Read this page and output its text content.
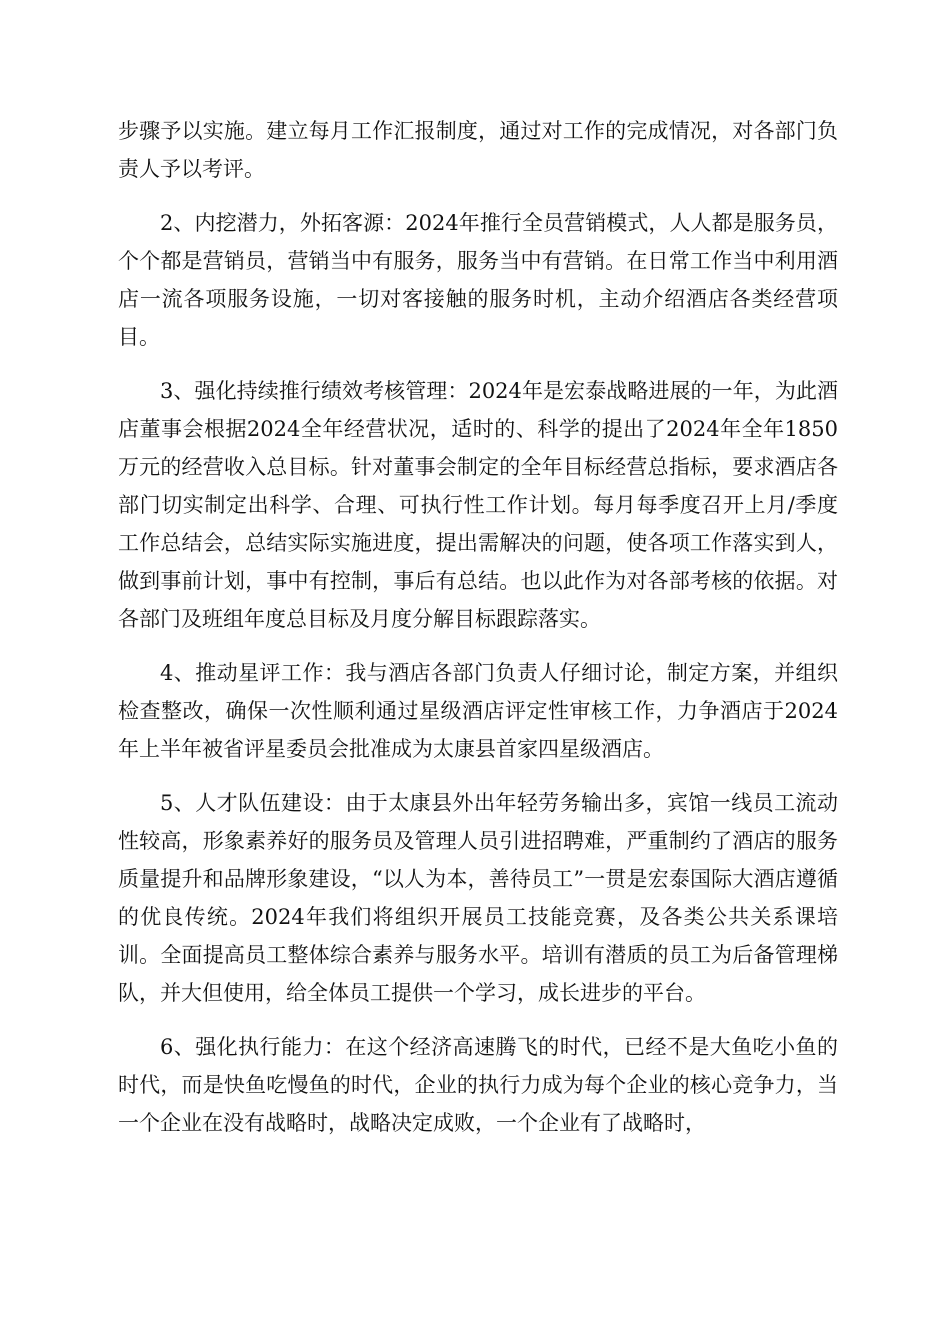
步骤予以实施。建立每月工作汇报制度，通过对工作的完成情况，对各部门负责人予以考评。

2、内挖潜力，外拓客源：2024年推行全员营销模式，人人都是服务员，个个都是营销员，营销当中有服务，服务当中有营销。在日常工作当中利用酒店一流各项服务设施，一切对客接触的服务时机，主动介绍酒店各类经营项目。

3、强化持续推行绩效考核管理：2024年是宏泰战略进展的一年，为此酒店董事会根据2024全年经营状况，适时的、科学的提出了2024年全年1850万元的经营收入总目标。针对董事会制定的全年目标经营总指标，要求酒店各部门切实制定出科学、合理、可执行性工作计划。每月每季度召开上月/季度工作总结会，总结实际实施进度，提出需解决的问题，使各项工作落实到人，做到事前计划，事中有控制，事后有总结。也以此作为对各部考核的依据。对各部门及班组年度总目标及月度分解目标跟踪落实。

4、推动星评工作：我与酒店各部门负责人仔细讨论，制定方案，并组织检查整改，确保一次性顺利通过星级酒店评定性审核工作，力争酒店于2024年上半年被省评星委员会批准成为太康县首家四星级酒店。

5、人才队伍建设：由于太康县外出年轻劳务输出多，宾馆一线员工流动性较高，形象素养好的服务员及管理人员引进招聘难，严重制约了酒店的服务质量提升和品牌形象建设，“以人为本，善待员工”一贯是宏泰国际大酒店遵循的优良传统。2024年我们将组织开展员工技能竞赛，及各类公共关系课培训。全面提高员工整体综合素养与服务水平。培训有潜质的员工为后备管理梯队，并大但使用，给全体员工提供一个学习，成长进步的平台。

6、强化执行能力：在这个经济高速腾飞的时代，已经不是大鱼吃小鱼的时代，而是快鱼吃慢鱼的时代，企业的执行力成为每个企业的核心竞争力，当一个企业在没有战略时，战略决定成败，一个企业有了战略时，
